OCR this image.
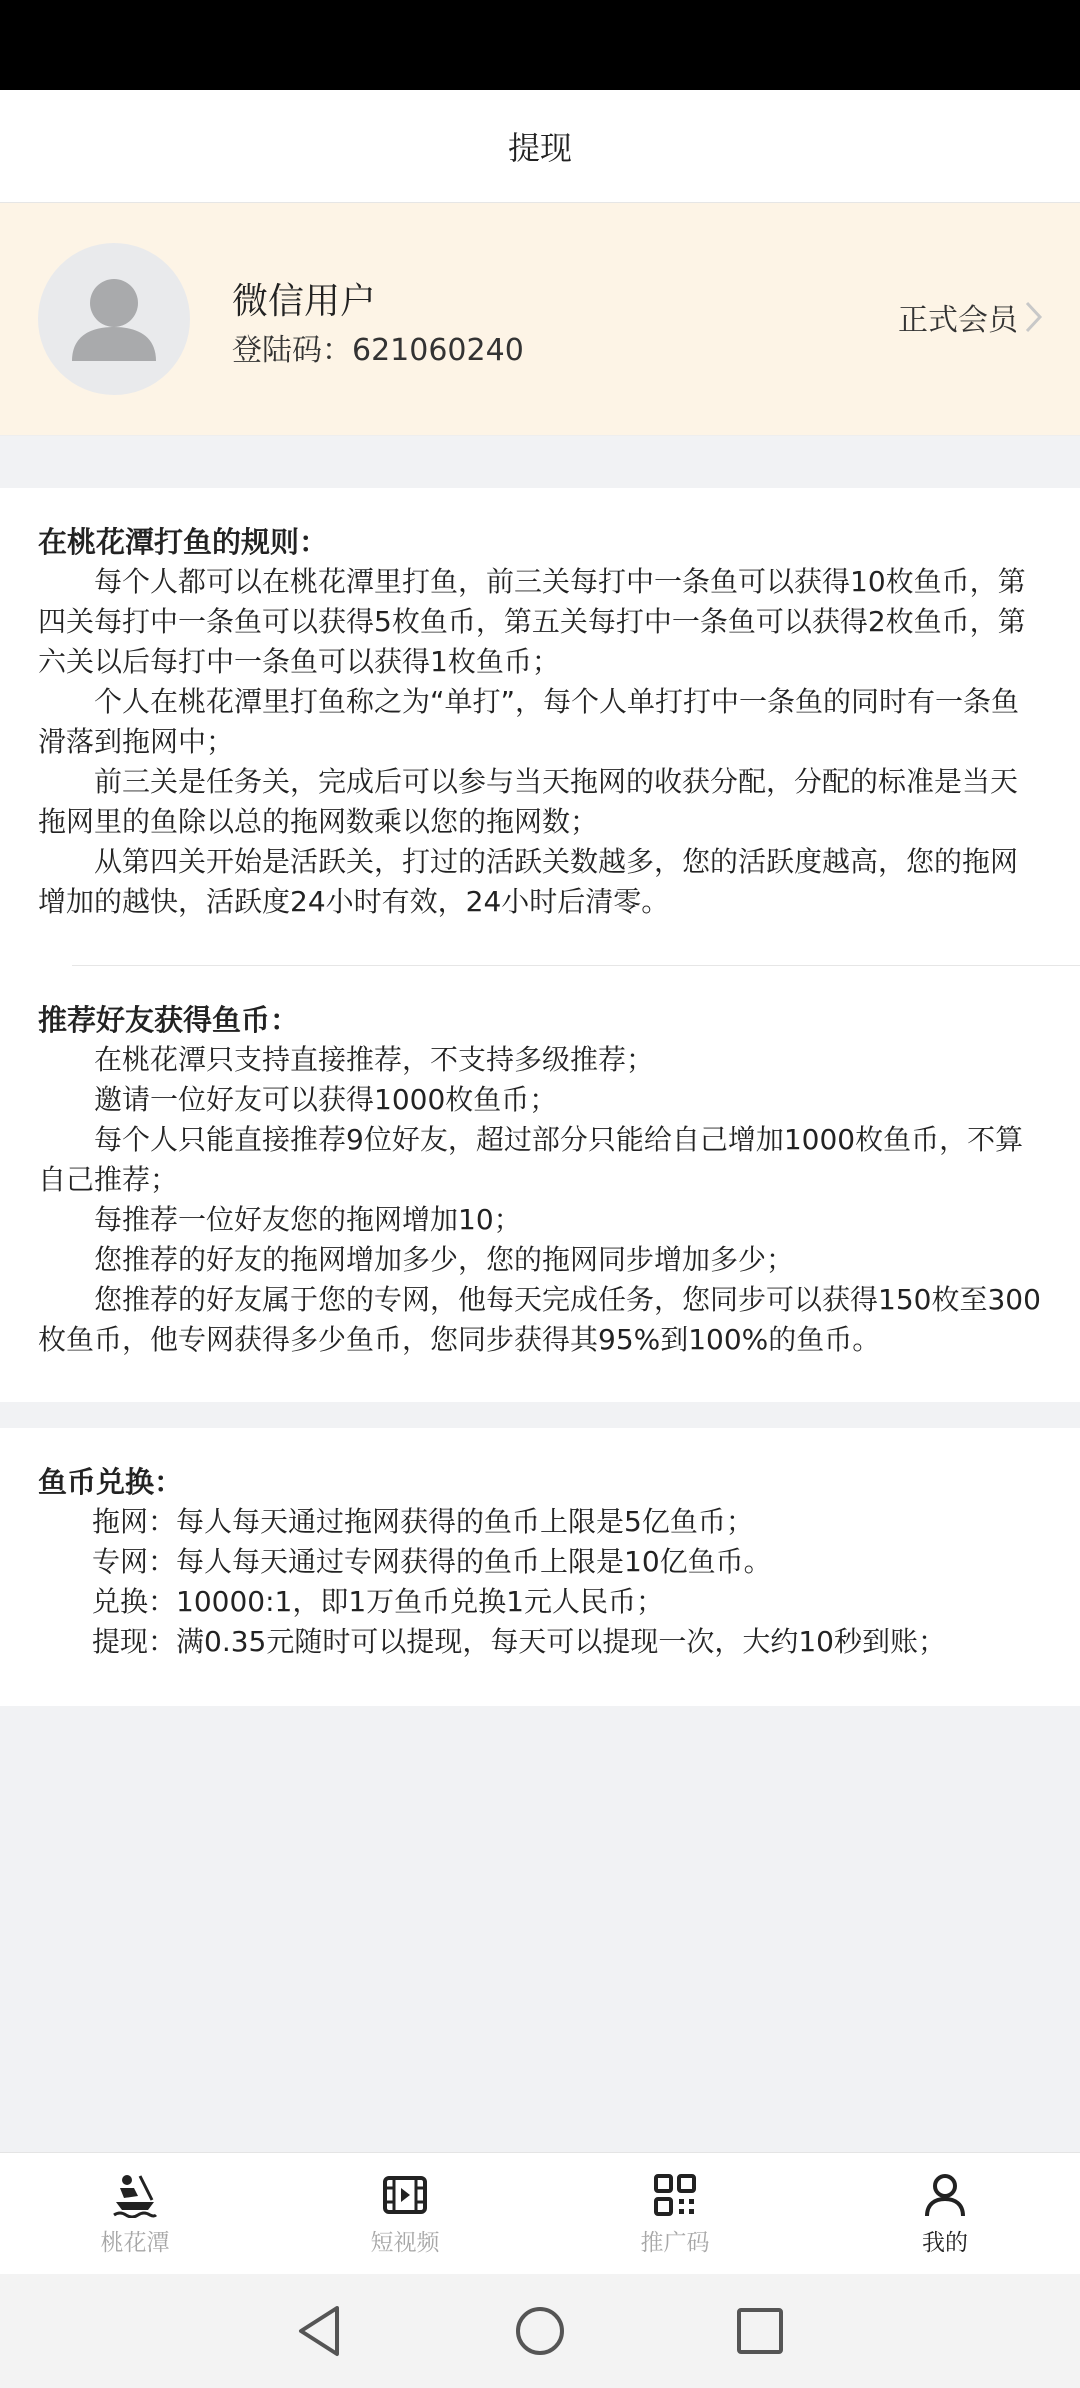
提现
微信用户
登陆码：621060240
正式会员
在桃花潭打鱼的规则：

每个人都可以在桃花潭里打鱼，前三关每打中一条鱼可以获得10枚鱼币，第四关每打中一条鱼可以获得5枚鱼币，第五关每打中一条鱼可以获得2枚鱼币，第六关以后每打中一条鱼可以获得1枚鱼币；

个人在桃花潭里打鱼称之为“单打”，每个人单打打中一条鱼的同时有一条鱼滑落到拖网中；

前三关是任务关，完成后可以参与当天拖网的收获分配，分配的标准是当天拖网里的鱼除以总的拖网数乘以您的拖网数；

从第四关开始是活跃关，打过的活跃关数越多，您的活跃度越高，您的拖网增加的越快，活跃度24小时有效，24小时后清零。

推荐好友获得鱼币：

在桃花潭只支持直接推荐，不支持多级推荐；

邀请一位好友可以获得1000枚鱼币；

每个人只能直接推荐9位好友，超过部分只能给自己增加1000枚鱼币，不算自己推荐；

每推荐一位好友您的拖网增加10；

您推荐的好友的拖网增加多少，您的拖网同步增加多少；

您推荐的好友属于您的专网，他每天完成任务，您同步可以获得150枚至300枚鱼币，他专网获得多少鱼币，您同步获得其95%到100%的鱼币。

鱼币兑换：

拖网：每人每天通过拖网获得的鱼币上限是5亿鱼币；

专网：每人每天通过专网获得的鱼币上限是10亿鱼币。

兑换：10000:1，即1万鱼币兑换1元人民币；

提现：满0.35元随时可以提现，每天可以提现一次，大约10秒到账；

桃花潭	短视频	推广码	我的
